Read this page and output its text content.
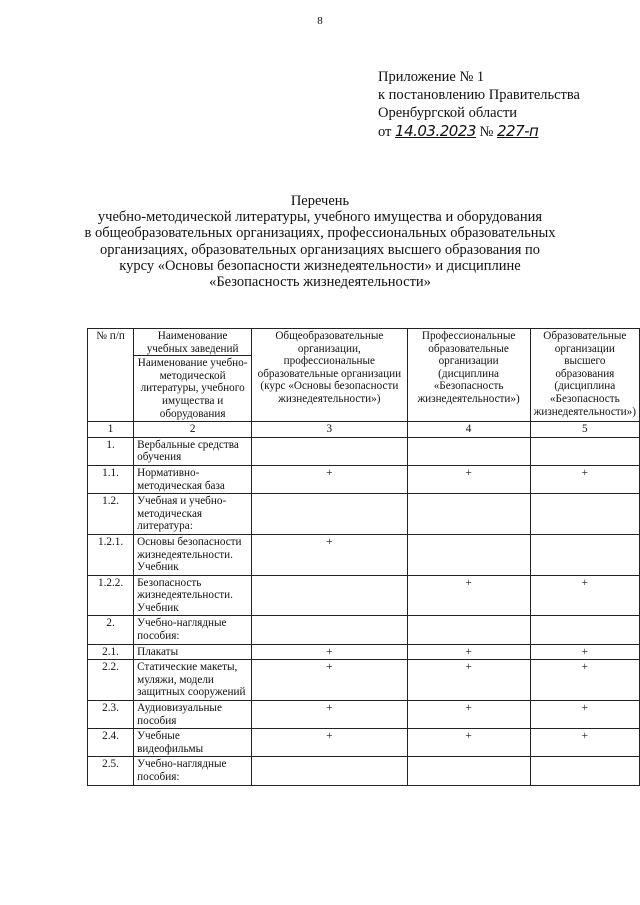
8
Приложение № 1
к постановлению Правительства
Оренбургской области
от 14.03.2023 № 227-п
Перечень
учебно-методической литературы, учебного имущества и оборудования
в общеобразовательных организациях, профессиональных образовательных
организациях, образовательных организациях высшего образования по
курсу «Основы безопасности жизнедеятельности» и дисциплине
«Безопасность жизнедеятельности»
№ п/п	Наименование учебных заведений
Наименование учебно-методической литературы, учебного имущества и оборудования	Общеобразовательные организации, профессиональные образовательные организации (курс «Основы безопасности жизнедеятельности»)	Профессиональные образовательные организации (дисциплина «Безопасность жизнедеятельности»)	Образовательные организации высшего образования (дисциплина «Безопасность жизнедеятельности»)
1	2	3	4	5
1.	Вербальные средства обучения			
1.1.	Нормативно-методическая база	+	+	+
1.2.	Учебная и учебно-методическая литература:			
1.2.1.	Основы безопасности жизнедеятельности. Учебник	+		
1.2.2.	Безопасность жизнедеятельности. Учебник		+	+
2.	Учебно-наглядные пособия:			
2.1.	Плакаты	+	+	+
2.2.	Статические макеты, муляжи, модели защитных сооружений	+	+	+
2.3.	Аудиовизуальные пособия	+	+	+
2.4.	Учебные видеофильмы	+	+	+
2.5.	Учебно-наглядные пособия:			
